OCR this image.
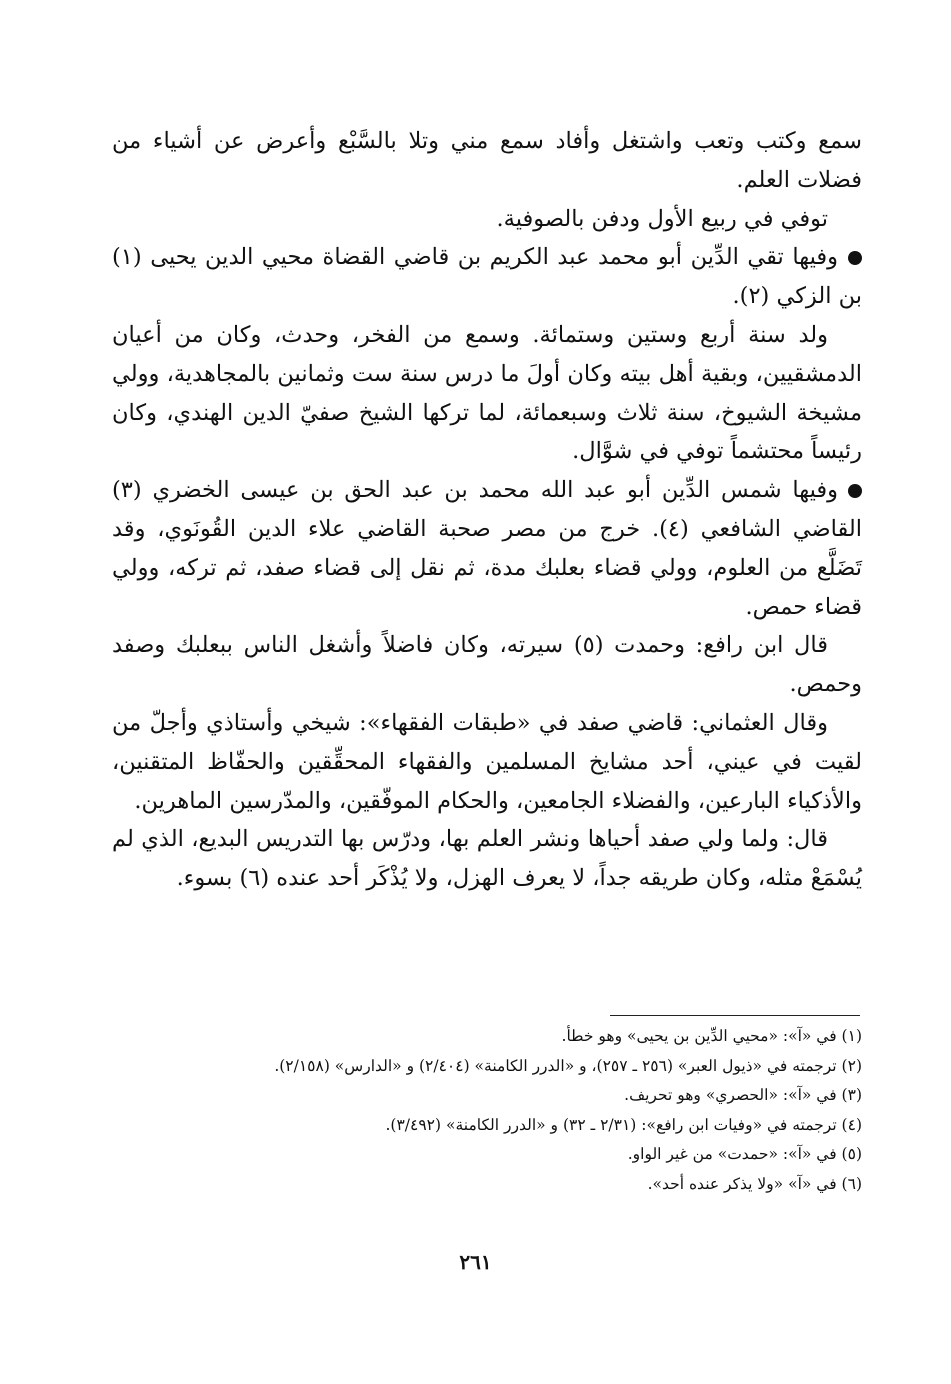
سمع وكتب وتعب واشتغل وأفاد سمع مني وتلا بالسَّبْع وأعرض عن أشياء من فضلات العلم.

توفي في ربيع الأول ودفن بالصوفية.

وفيها تقي الدِّين أبو محمد عبد الكريم بن قاضي القضاة محيي الدين يحيى (١) بن الزكي (٢).

ولد سنة أربع وستين وستمائة. وسمع من الفخر، وحدث، وكان من أعيان الدمشقيين، وبقية أهل بيته وكان أولَ ما درس سنة ست وثمانين بالمجاهدية، وولي مشيخة الشيوخ، سنة ثلاث وسبعمائة، لما تركها الشيخ صفيّ الدين الهندي، وكان رئيساً محتشماً توفي في شوَّال.

وفيها شمس الدِّين أبو عبد الله محمد بن عبد الحق بن عيسى الخضري (٣) القاضي الشافعي (٤). خرج من مصر صحبة القاضي علاء الدين القُونَوي، وقد تَضَلَّع من العلوم، وولي قضاء بعلبك مدة، ثم نقل إلى قضاء صفد، ثم تركه، وولي قضاء حمص.

قال ابن رافع: وحمدت (٥) سيرته، وكان فاضلاً وأشغل الناس ببعلبك وصفد وحمص.

وقال العثماني: قاضي صفد في «طبقات الفقهاء»: شيخي وأستاذي وأجلّ من لقيت في عيني، أحد مشايخ المسلمين والفقهاء المحقِّقين والحفّاظ المتقنين، والأذكياء البارعين، والفضلاء الجامعين، والحكام الموفّقين، والمدّرسين الماهرين.

قال: ولما ولي صفد أحياها ونشر العلم بها، ودرّس بها التدريس البديع، الذي لم يُسْمَعْ مثله، وكان طريقه جداً، لا يعرف الهزل، ولا يُذْكَر أحد عنده (٦) بسوء.

(١) في «آ»: «محيي الدِّين بن يحيى» وهو خطأ.

(٢) ترجمته في «ذيول العبر» (٢٥٦ ـ ٢٥٧)، و «الدرر الكامنة» (٢/٤٠٤) و «الدارس» (٢/١٥٨).

(٣) في «آ»: «الحصري» وهو تحريف.

(٤) ترجمته في «وفيات ابن رافع»: (٢/٣١ ـ ٣٢) و «الدرر الكامنة» (٣/٤٩٢).

(٥) في «آ»: «حمدت» من غير الواو.

(٦) في «آ» «ولا يذكر عنده أحد».

٢٦١
